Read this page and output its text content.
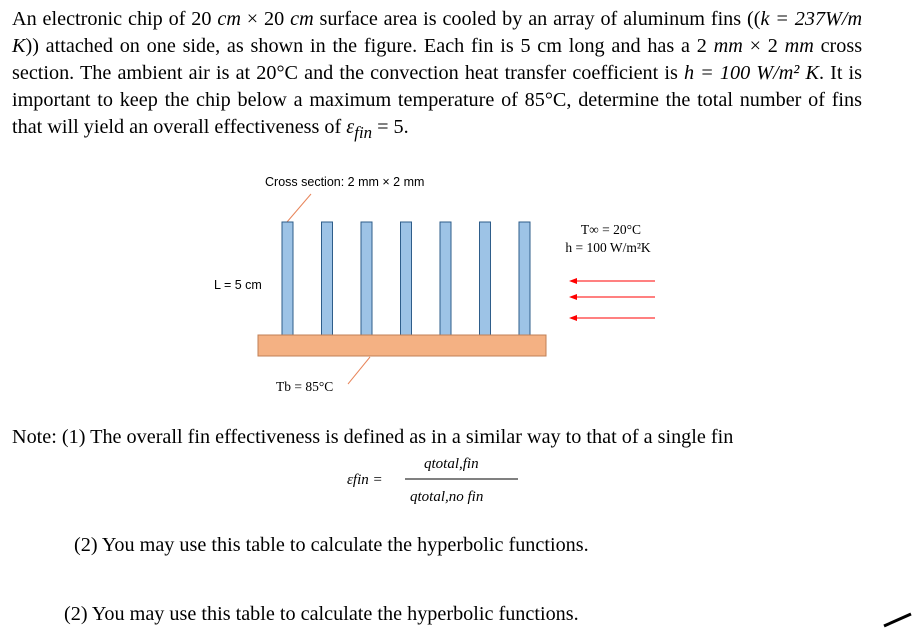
An electronic chip of 20 cm × 20 cm surface area is cooled by an array of aluminum fins ((k = 237W/m K)) attached on one side, as shown in the figure. Each fin is 5 cm long and has a 2 mm × 2 mm cross section. The ambient air is at 20°C and the convection heat transfer coefficient is h = 100 W/m² K. It is important to keep the chip below a maximum temperature of 85°C, determine the total number of fins that will yield an overall effectiveness of $\varepsilon_{fin} = 5$.

Cross section: 2 mm × 2 mm
T∞ = 20°C
h = 100 W/m²K
L = 5 cm
Tb = 85°C
Note: (1) The overall fin effectiveness is defined as in a similar way to that of a single fin
εfin =
qtotal,fin
qtotal,no fin
(2) You may use this table to calculate the hyperbolic functions.
(2) You may use this table to calculate the hyperbolic functions.
